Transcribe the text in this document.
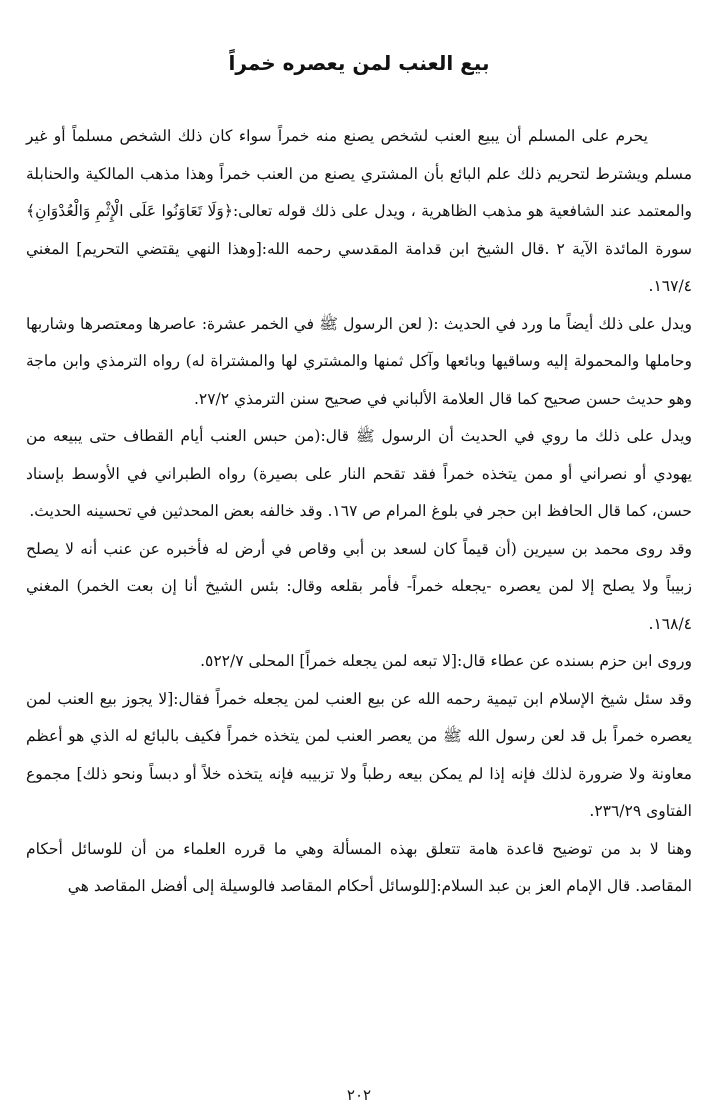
بيع العنب لمن يعصره خمراً

يحرم على المسلم أن يبيع العنب لشخص يصنع منه خمراً سواء كان ذلك الشخص مسلماً أو غير مسلم ويشترط لتحريم ذلك علم البائع بأن المشتري يصنع من العنب خمراً وهذا مذهب المالكية والحنابلة والمعتمد عند الشافعية هو مذهب الظاهرية ، ويدل على ذلك قوله تعالى:﴿وَلَا تَعَاوَنُوا عَلَى الْإِثْمِ وَالْعُدْوَانِ﴾ سورة المائدة الآية ٢ .قال الشيخ ابن قدامة المقدسي رحمه الله:[وهذا النهي يقتضي التحريم] المغني ١٦٧/٤.

ويدل على ذلك أيضاً ما ورد في الحديث :( لعن الرسول ﷺ في الخمر عشرة: عاصرها ومعتصرها وشاربها وحاملها والمحمولة إليه وساقيها وبائعها وآكل ثمنها والمشتري لها والمشتراة له) رواه الترمذي وابن ماجة وهو حديث حسن صحيح كما قال العلامة الألباني في صحيح سنن الترمذي ٢٧/٢.

ويدل على ذلك ما روي في الحديث أن الرسول ﷺ قال:(من حبس العنب أيام القطاف حتى يبيعه من يهودي أو نصراني أو ممن يتخذه خمراً فقد تقحم النار على بصيرة) رواه الطبراني في الأوسط بإسناد حسن، كما قال الحافظ ابن حجر في بلوغ المرام ص ١٦٧. وقد خالفه بعض المحدثين في تحسينه الحديث.

وقد روى محمد بن سيرين (أن قيماً كان لسعد بن أبي وقاص في أرض له فأخبره عن عنب أنه لا يصلح زبيباً ولا يصلح إلا لمن يعصره -يجعله خمراً- فأمر بقلعه وقال: بئس الشيخ أنا إن بعت الخمر) المغني ١٦٨/٤.

وروى ابن حزم بسنده عن عطاء قال:[لا تبعه لمن يجعله خمراً] المحلى ٥٢٢/٧.

وقد سئل شيخ الإسلام ابن تيمية رحمه الله عن بيع العنب لمن يجعله خمراً فقال:[لا يجوز بيع العنب لمن يعصره خمراً بل قد لعن رسول الله ﷺ من يعصر العنب لمن يتخذه خمراً فكيف بالبائع له الذي هو أعظم معاونة ولا ضرورة لذلك فإنه إذا لم يمكن بيعه رطباً ولا تزبيبه فإنه يتخذه خلاً أو دبساً ونحو ذلك] مجموع الفتاوى ٢٣٦/٢٩.

وهنا لا بد من توضيح قاعدة هامة تتعلق بهذه المسألة وهي ما قرره العلماء من أن للوسائل أحكام المقاصد. قال الإمام العز بن عبد السلام:[للوسائل أحكام المقاصد فالوسيلة إلى أفضل المقاصد هي

٢٠٢
